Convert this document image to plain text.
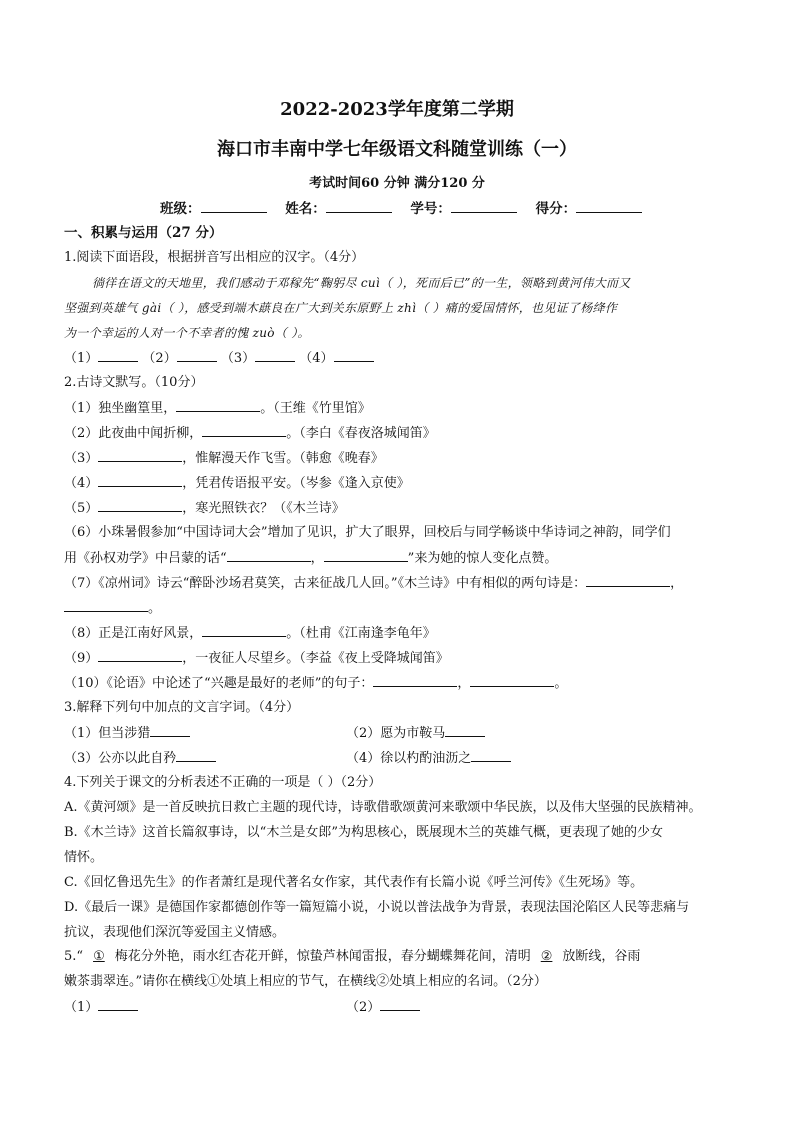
2022-2023学年度第二学期
海口市丰南中学七年级语文科随堂训练（一）
考试时间60 分钟 满分120 分
班级：	姓名：	学号：	得分：
一、积累与运用（27 分）
1.阅读下面语段，根据拼音写出相应的汉字。（4分）
徜徉在语文的天地里，我们感动于邓稼先“鞠躬尽 cuì（ ），死而后已”的一生，领略到黄河伟大而又
坚强到英雄气 gài（ ），感受到端木蕻良在广大到关东原野上 zhì（ ）痛的爱国情怀，也见证了杨绛作
为一个幸运的人对一个不幸者的愧 zuò（ ）。
（1）	（2）	（3）	（4）
2.古诗文默写。（10分）
（1）独坐幽篁里，	。（王维《竹里馆》
（2）此夜曲中闻折柳，	。（李白《春夜洛城闻笛》
（3）	，惟解漫天作飞雪。（韩愈《晚春》
（4）	，凭君传语报平安。（岑参《逢入京使》
（5）	，寒光照铁衣？（《木兰诗》
（6）小珠暑假参加“中国诗词大会”增加了见识，扩大了眼界，回校后与同学畅谈中华诗词之神韵，同学们
用《孙权劝学》中吕蒙的话“	，	”来为她的惊人变化点赞。
（7）《凉州词》诗云“醉卧沙场君莫笑，古来征战几人回。”《木兰诗》中有相似的两句诗是：	，
。
（8）正是江南好风景，	。（杜甫《江南逢李龟年》
（9）	，一夜征人尽望乡。（李益《夜上受降城闻笛》
（10）《论语》中论述了“兴趣是最好的老师”的句子：	，	。
3.解释下列句中加点的文言字词。（4分）
（1）但当涉猎	（2）愿为市鞍马
（3）公亦以此自矜	（4）徐以杓酌油沥之
4.下列关于课文的分析表述不正确的一项是（ ）（2分）
A.《黄河颂》是一首反映抗日救亡主题的现代诗，诗歌借歌颂黄河来歌颂中华民族，以及伟大坚强的民族精神。
B.《木兰诗》这首长篇叙事诗，以“木兰是女郎”为构思核心，既展现木兰的英雄气概，更表现了她的少女
情怀。
C.《回忆鲁迅先生》的作者萧红是现代著名女作家，其代表作有长篇小说《呼兰河传》《生死场》等。
D.《最后一课》是德国作家都德创作等一篇短篇小说，小说以普法战争为背景，表现法国沦陷区人民等悲痛与
抗议，表现他们深沉等爱国主义情感。
5.“ ① 梅花分外艳，雨水红杏花开鲜，惊蛰芦林闻雷报，春分蝴蝶舞花间，清明 ② 放断线，谷雨
嫩茶翡翠连。”请你在横线①处填上相应的节气，在横线②处填上相应的名词。（2分）
（1）	（2）
